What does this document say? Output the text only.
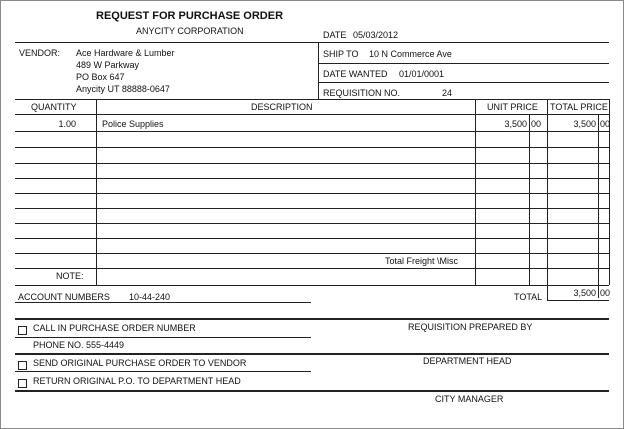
REQUEST FOR PURCHASE ORDER
ANYCITY CORPORATION	DATE 05/03/2012
VENDOR: Ace Hardware & Lumber
489 W Parkway
PO Box 647
Anycity UT 88888-0647
SHIP TO 10 N Commerce Ave
DATE WANTED 01/01/0001
REQUISITION NO.	24
QUANTITY	DESCRIPTION	UNIT PRICE TOTAL PRICE
1.00	Police Supplies	3,500 00	3,500 00
Total Freight \Misc
NOTE:
ACCOUNT NUMBERS 10-44-240	TOTAL	3,500 00
CALL IN PURCHASE ORDER NUMBER	REQUISITION PREPARED BY
PHONE NO. 555-4449
SEND ORIGINAL PURCHASE ORDER TO VENDOR	DEPARTMENT HEAD
RETURN ORIGINAL P.O. TO DEPARTMENT HEAD
CITY MANAGER
